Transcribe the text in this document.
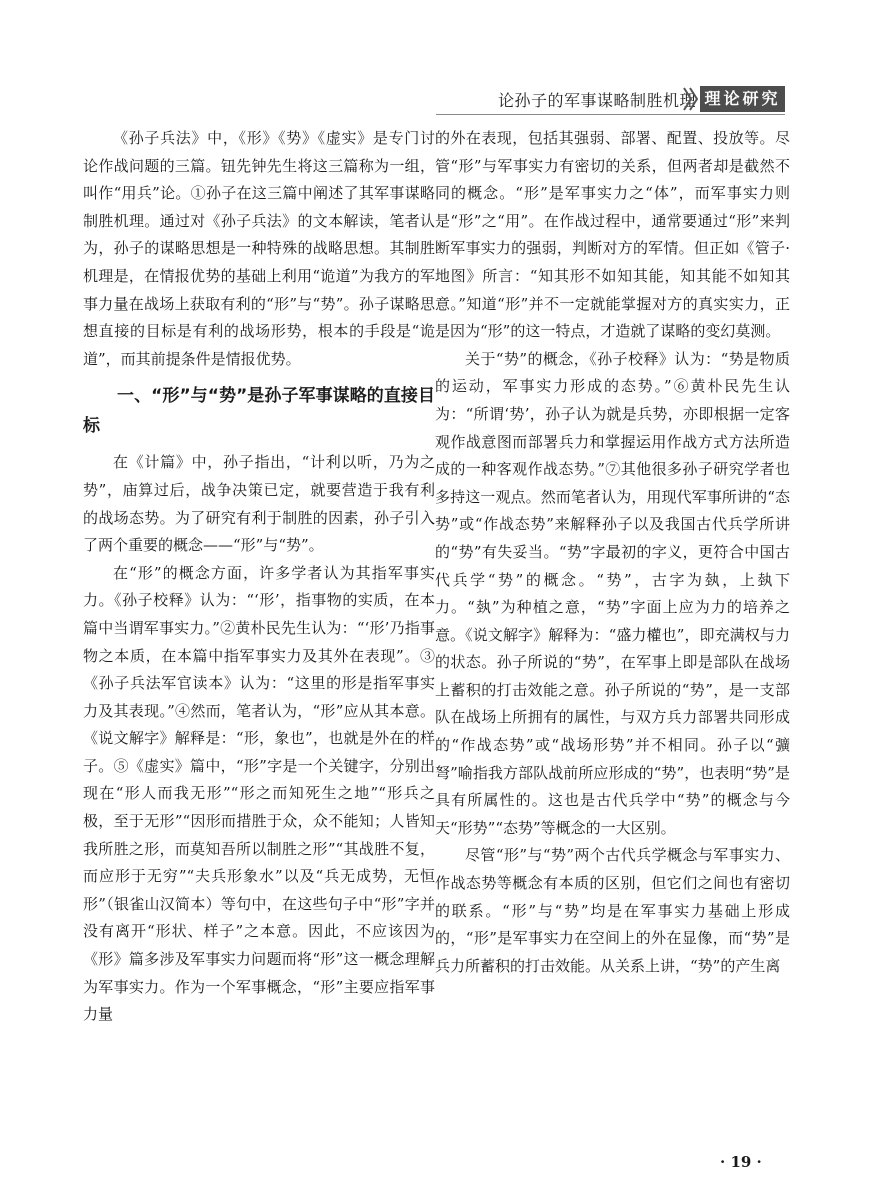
论孙子的军事谋略制胜机理 理论研究

《孙子兵法》中，《形》《势》《虚实》是专门讨论作战问题的三篇。钮先钟先生将这三篇称为一组，叫作“用兵”论。①孙子在这三篇中阐述了其军事谋略制胜机理。通过对《孙子兵法》的文本解读，笔者认为，孙子的谋略思想是一种特殊的战略思想。其制胜机理是，在情报优势的基础上利用“诡道”为我方的军事力量在战场上获取有利的“形”与“势”。孙子谋略思想直接的目标是有利的战场形势，根本的手段是“诡道”，而其前提条件是情报优势。

一、“形”与“势”是孙子军事谋略的直接目标

在《计篇》中，孙子指出，“计利以听，乃为之势”，庙算过后，战争决策已定，就要营造于我有利的战场态势。为了研究有利于制胜的因素，孙子引入了两个重要的概念——“形”与“势”。

在“形”的概念方面，许多学者认为其指军事实力。《孙子校释》认为：“‘形’，指事物的实质，在本篇中当谓军事实力。”②黄朴民先生认为：“‘形’乃指事物之本质，在本篇中指军事实力及其外在表现”。③《孙子兵法军官读本》认为：“这里的形是指军事实力及其表现。”④然而，笔者认为，“形”应从其本意。《说文解字》解释是：“形，象也”，也就是外在的样子。⑤《虚实》篇中，“形”字是一个关键字，分别出现在“形人而我无形”“形之而知死生之地”“形兵之极，至于无形”“因形而措胜于众，众不能知；人皆知我所胜之形，而莫知吾所以制胜之形”“其战胜不复，而应形于无穷”“夫兵形象水”以及“兵无成势，无恒形”（银雀山汉简本）等句中，在这些句子中“形”字并没有离开“形状、样子”之本意。因此，不应该因为《形》篇多涉及军事实力问题而将“形”这一概念理解为军事实力。作为一个军事概念，“形”主要应指军事力量

的外在表现，包括其强弱、部署、配置、投放等。尽管“形”与军事实力有密切的关系，但两者却是截然不同的概念。“形”是军事实力之“体”，而军事实力则是“形”之“用”。在作战过程中，通常要通过“形”来判断军事实力的强弱，判断对方的军情。但正如《管子·地图》所言：“知其形不如知其能，知其能不如知其意。”知道“形”并不一定就能掌握对方的真实实力，正是因为“形”的这一特点，才造就了谋略的变幻莫测。

关于“势”的概念，《孙子校释》认为：“势是物质的运动，军事实力形成的态势。”⑥黄朴民先生认为：“所谓‘势’，孙子认为就是兵势，亦即根据一定客观作战意图而部署兵力和掌握运用作战方式方法所造成的一种客观作战态势。”⑦其他很多孙子研究学者也多持这一观点。然而笔者认为，用现代军事所讲的“态势”或“作战态势”来解释孙子以及我国古代兵学所讲的“势”有失妥当。“势”字最初的字义，更符合中国古代兵学“势”的概念。“势”，古字为埶，上埶下力。“埶”为种植之意，“势”字面上应为力的培养之意。《说文解字》解释为：“盛力權也”，即充满权与力的状态。孙子所说的“势”，在军事上即是部队在战场上蓄积的打击效能之意。孙子所说的“势”，是一支部队在战场上所拥有的属性，与双方兵力部署共同形成的“作战态势”或“战场形势”并不相同。孙子以“彍弩”喻指我方部队战前所应形成的“势”，也表明“势”是具有所属性的。这也是古代兵学中“势”的概念与今天“形势”“态势”等概念的一大区别。

尽管“形”与“势”两个古代兵学概念与军事实力、作战态势等概念有本质的区别，但它们之间也有密切的联系。“形”与“势”均是在军事实力基础上形成的，“形”是军事实力在空间上的外在显像，而“势”是兵力所蓄积的打击效能。从关系上讲，“势”的产生离

· 19 ·
